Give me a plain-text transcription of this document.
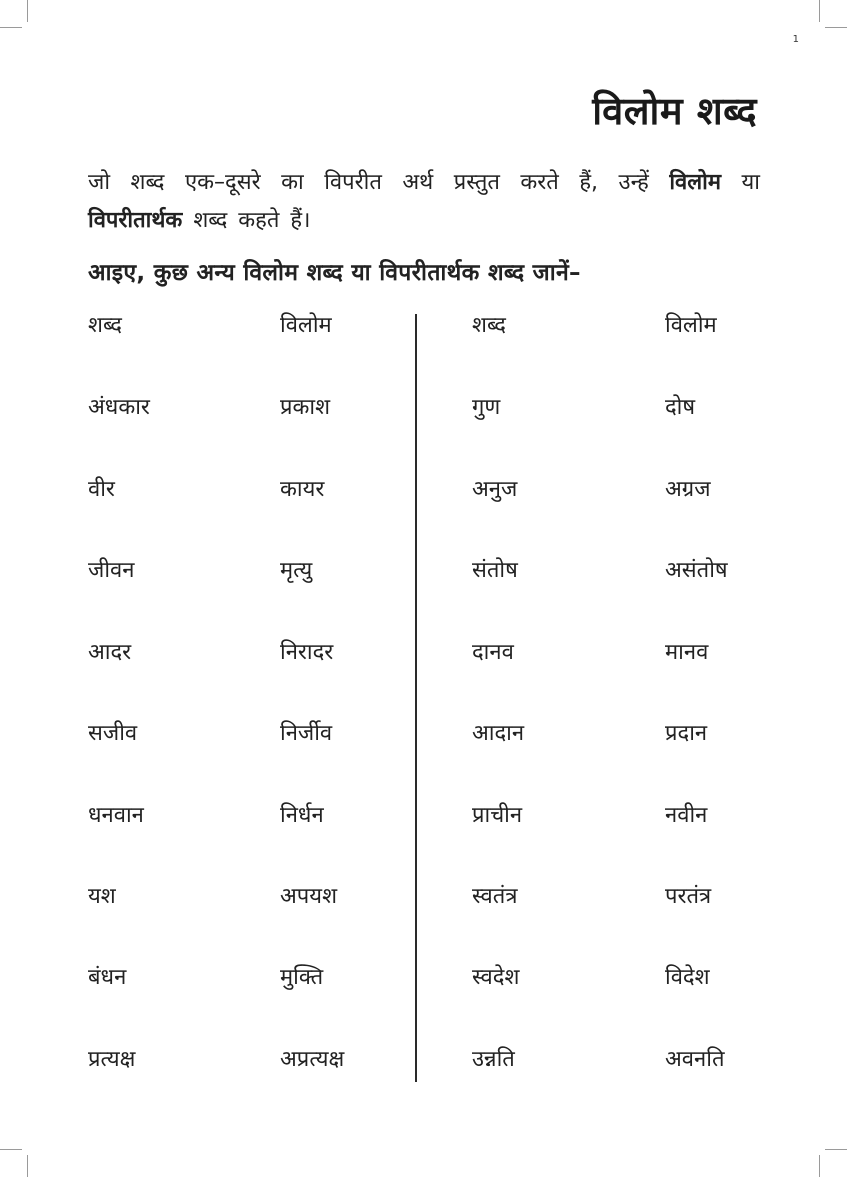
1
विलोम शब्द

जो शब्द एक–दूसरे का विपरीत अर्थ प्रस्तुत करते हैं, उन्हें विलोम या विपरीतार्थक शब्द कहते हैं।

आइए, कुछ अन्य विलोम शब्द या विपरीतार्थक शब्द जानें–
शब्द	विलोम	शब्द	विलोम
अंधकार	प्रकाश	गुण	दोष
वीर	कायर	अनुज	अग्रज
जीवन	मृत्यु	संतोष	असंतोष
आदर	निरादर	दानव	मानव
सजीव	निर्जीव	आदान	प्रदान
धनवान	निर्धन	प्राचीन	नवीन
यश	अपयश	स्वतंत्र	परतंत्र
बंधन	मुक्ति	स्वदेश	विदेश
प्रत्यक्ष	अप्रत्यक्ष	उन्नति	अवनति
